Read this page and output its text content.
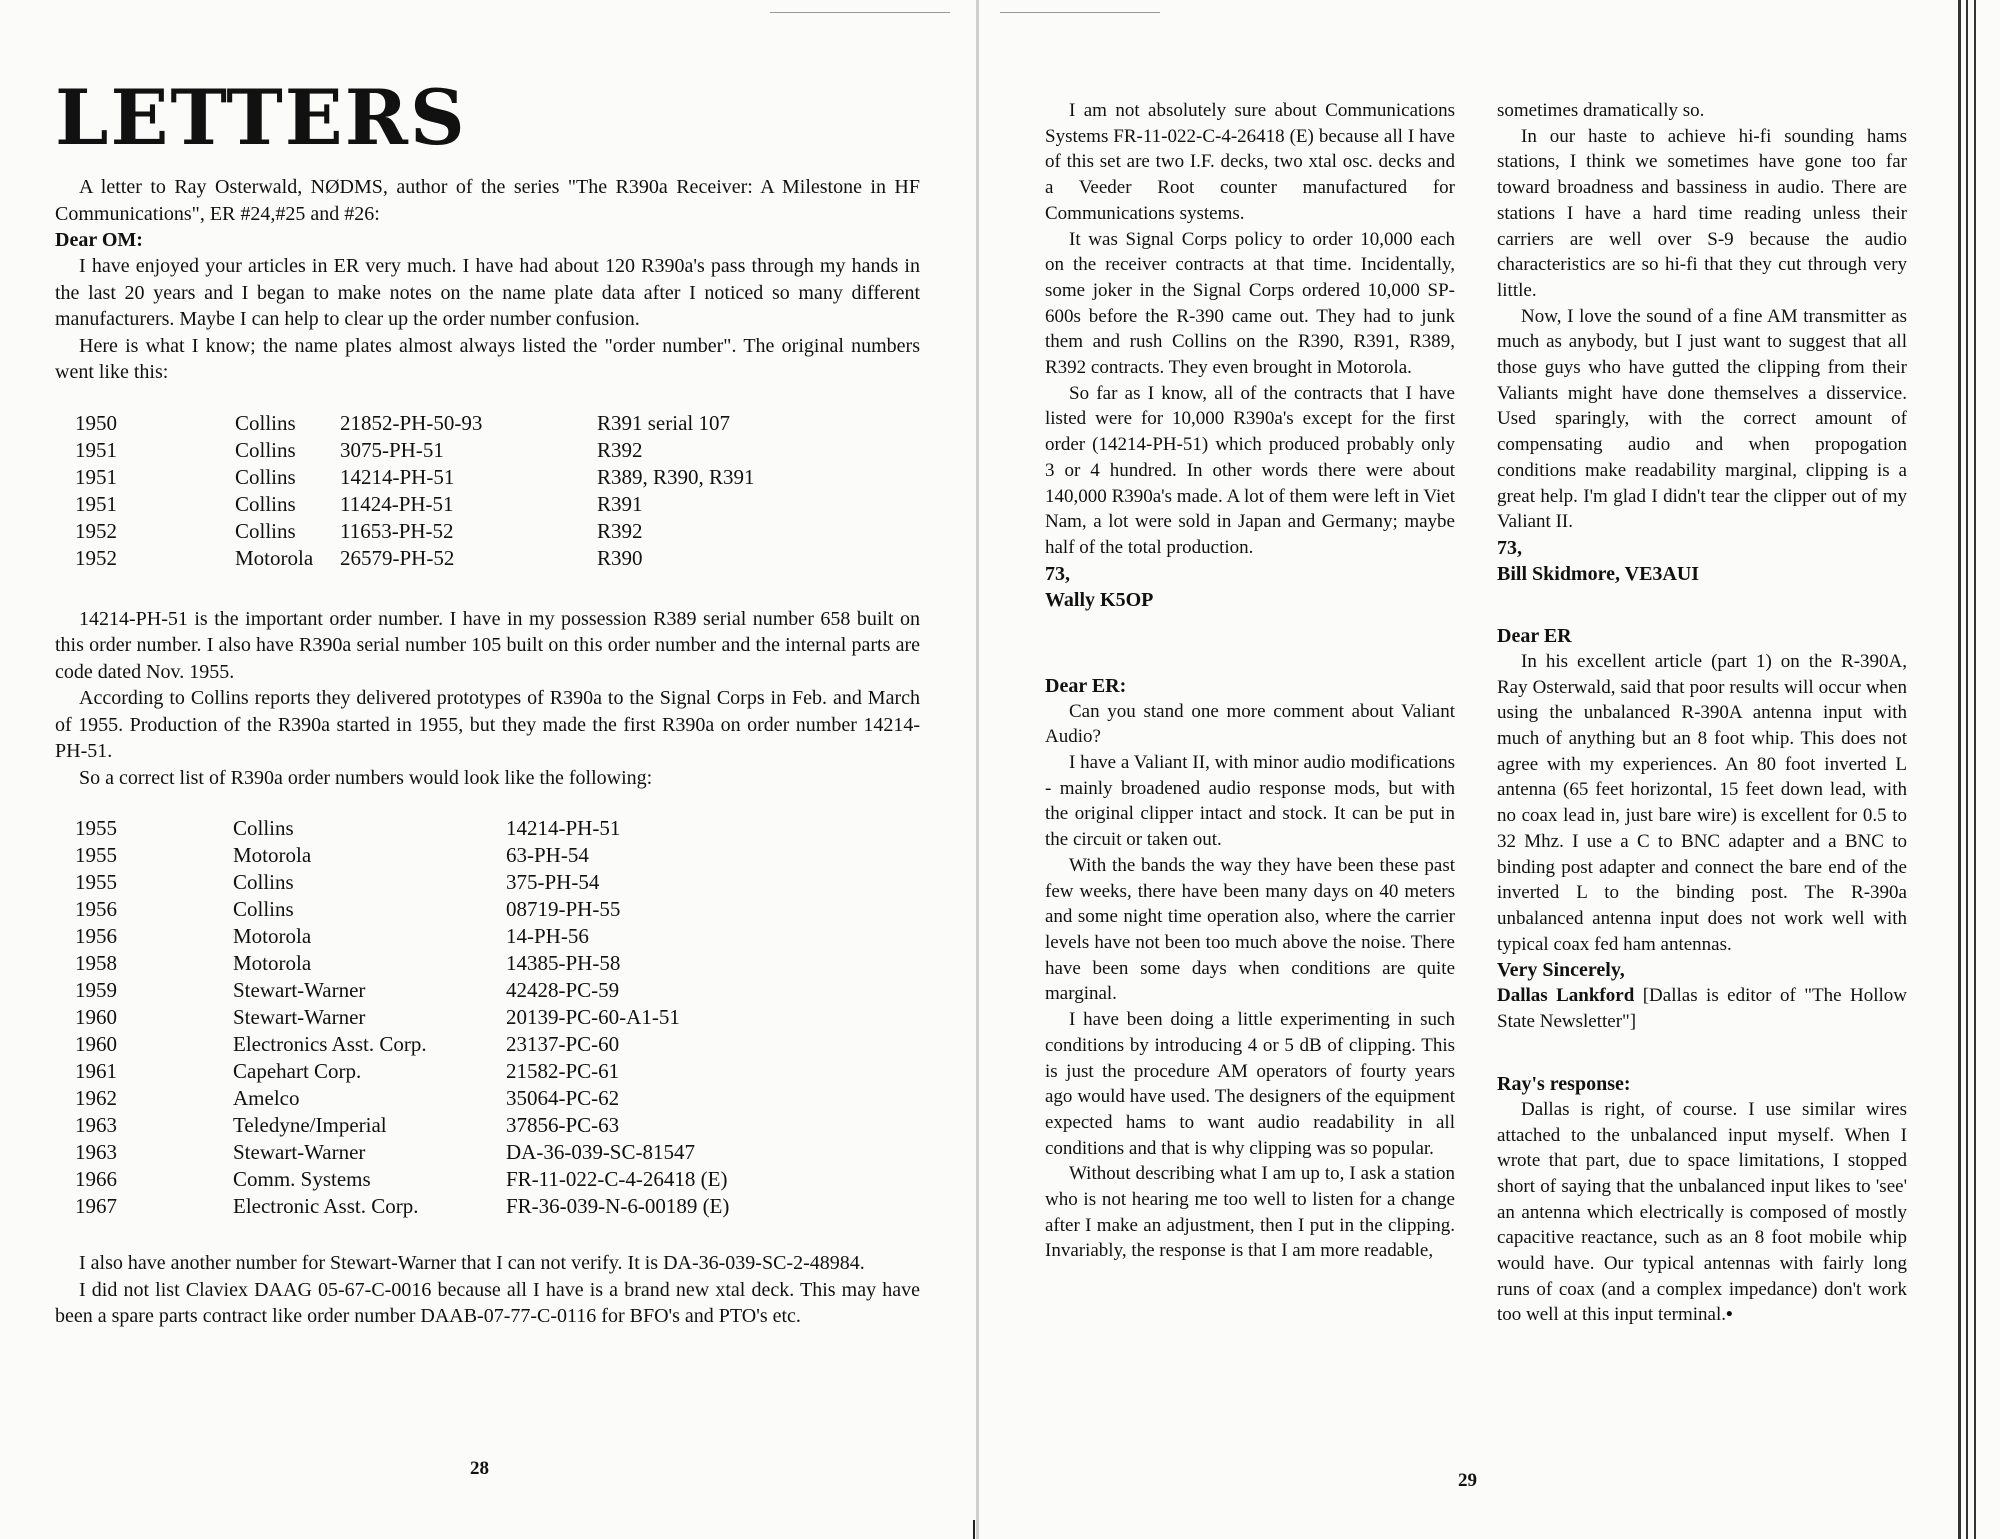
LETTERS

A letter to Ray Osterwald, NØDMS, author of the series "The R390a Receiver: A Milestone in HF Communications", ER #24,#25 and #26:

Dear OM:

I have enjoyed your articles in ER very much. I have had about 120 R390a's pass through my hands in the last 20 years and I began to make notes on the name plate data after I noticed so many different manufacturers. Maybe I can help to clear up the order number confusion.

Here is what I know; the name plates almost always listed the "order number". The original numbers went like this:

1950	Collins	21852-PH-50-93	R391 serial 107
1951	Collins	3075-PH-51	R392
1951	Collins	14214-PH-51	R389, R390, R391
1951	Collins	11424-PH-51	R391
1952	Collins	11653-PH-52	R392
1952	Motorola	26579-PH-52	R390

14214-PH-51 is the important order number. I have in my possession R389 serial number 658 built on this order number. I also have R390a serial number 105 built on this order number and the internal parts are code dated Nov. 1955.

According to Collins reports they delivered prototypes of R390a to the Signal Corps in Feb. and March of 1955. Production of the R390a started in 1955, but they made the first R390a on order number 14214-PH-51.

So a correct list of R390a order numbers would look like the following:

1955	Collins	14214-PH-51
1955	Motorola	63-PH-54
1955	Collins	375-PH-54
1956	Collins	08719-PH-55
1956	Motorola	14-PH-56
1958	Motorola	14385-PH-58
1959	Stewart-Warner	42428-PC-59
1960	Stewart-Warner	20139-PC-60-A1-51
1960	Electronics Asst. Corp.	23137-PC-60
1961	Capehart Corp.	21582-PC-61
1962	Amelco	35064-PC-62
1963	Teledyne/Imperial	37856-PC-63
1963	Stewart-Warner	DA-36-039-SC-81547
1966	Comm. Systems	FR-11-022-C-4-26418 (E)
1967	Electronic Asst. Corp.	FR-36-039-N-6-00189 (E)

I also have another number for Stewart-Warner that I can not verify. It is DA-36-039-SC-2-48984.

I did not list Claviex DAAG 05-67-C-0016 because all I have is a brand new xtal deck. This may have been a spare parts contract like order number DAAB-07-77-C-0116 for BFO's and PTO's etc.

28

I am not absolutely sure about Communications Systems FR-11-022-C-4-26418 (E) because all I have of this set are two I.F. decks, two xtal osc. decks and a Veeder Root counter manufactured for Communications systems.

It was Signal Corps policy to order 10,000 each on the receiver contracts at that time. Incidentally, some joker in the Signal Corps ordered 10,000 SP-600s before the R-390 came out. They had to junk them and rush Collins on the R390, R391, R389, R392 contracts. They even brought in Motorola.

So far as I know, all of the contracts that I have listed were for 10,000 R390a's except for the first order (14214-PH-51) which produced probably only 3 or 4 hundred. In other words there were about 140,000 R390a's made. A lot of them were left in Viet Nam, a lot were sold in Japan and Germany; maybe half of the total production.

73,
Wally K5OP
Dear ER:

Can you stand one more comment about Valiant Audio?

I have a Valiant II, with minor audio modifications - mainly broadened audio response mods, but with the original clipper intact and stock. It can be put in the circuit or taken out.

With the bands the way they have been these past few weeks, there have been many days on 40 meters and some night time operation also, where the carrier levels have not been too much above the noise. There have been some days when conditions are quite marginal.

I have been doing a little experimenting in such conditions by introducing 4 or 5 dB of clipping. This is just the procedure AM operators of fourty years ago would have used. The designers of the equipment expected hams to want audio readability in all conditions and that is why clipping was so popular.

Without describing what I am up to, I ask a station who is not hearing me too well to listen for a change after I make an adjustment, then I put in the clipping. Invariably, the response is that I am more readable,

sometimes dramatically so.

In our haste to achieve hi-fi sounding hams stations, I think we sometimes have gone too far toward broadness and bassiness in audio. There are stations I have a hard time reading unless their carriers are well over S-9 because the audio characteristics are so hi-fi that they cut through very little.

Now, I love the sound of a fine AM transmitter as much as anybody, but I just want to suggest that all those guys who have gutted the clipping from their Valiants might have done themselves a disservice. Used sparingly, with the correct amount of compensating audio and when propogation conditions make readability marginal, clipping is a great help. I'm glad I didn't tear the clipper out of my Valiant II.

73,
Bill Skidmore, VE3AUI
Dear ER

In his excellent article (part 1) on the R-390A, Ray Osterwald, said that poor results will occur when using the unbalanced R-390A antenna input with much of anything but an 8 foot whip. This does not agree with my experiences. An 80 foot inverted L antenna (65 feet horizontal, 15 feet down lead, with no coax lead in, just bare wire) is excellent for 0.5 to 32 Mhz. I use a C to BNC adapter and a BNC to binding post adapter and connect the bare end of the inverted L to the binding post. The R-390a unbalanced antenna input does not work well with typical coax fed ham antennas.

Very Sincerely,

Dallas Lankford [Dallas is editor of "The Hollow State Newsletter"]

Ray's response:

Dallas is right, of course. I use similar wires attached to the unbalanced input myself. When I wrote that part, due to space limitations, I stopped short of saying that the unbalanced input likes to 'see' an antenna which electrically is composed of mostly capacitive reactance, such as an 8 foot mobile whip would have. Our typical antennas with fairly long runs of coax (and a complex impedance) don't work too well at this input terminal.•

29
